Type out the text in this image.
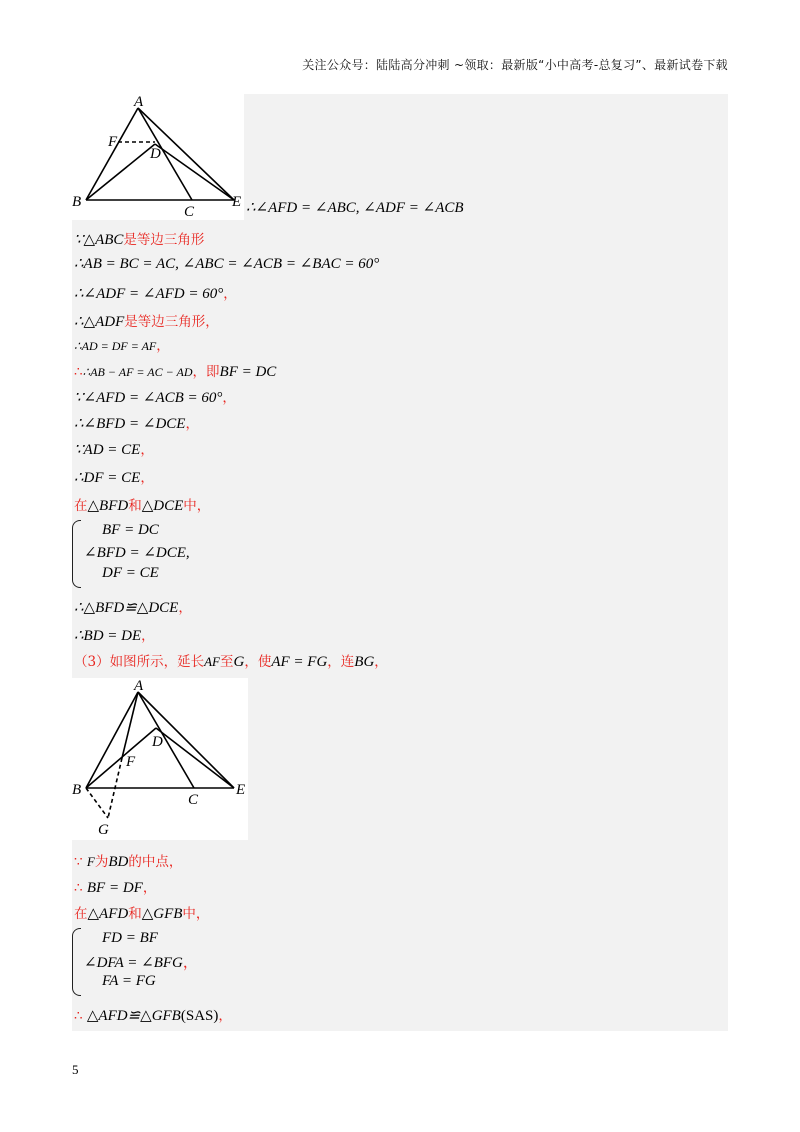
关注公众号：陆陆高分冲刺 ~领取：最新版“小中高考-总复习”、最新试卷下载
A
F
D
B
C
E ∴∠AFD = ∠ABC, ∠ADF = ∠ACB
∵△ABC是等边三角形
∴AB = BC = AC, ∠ABC = ∠ACB = ∠BAC = 60°
∴∠ADF = ∠AFD = 60°，
∴△ADF是等边三角形，
∴AD = DF = AF，
∴∴AB − AF = AC − AD，即BF = DC
∵∠AFD = ∠ACB = 60°，
∴∠BFD = ∠DCE，
∵AD = CE，
∴DF = CE，
在△BFD和△DCE中，
BF = DC
∠BFD = ∠DCE,
DF = CE
∴△BFD≌△DCE，
∴BD = DE，
（3）如图所示，延长AF至G，使AF = FG，连BG，
A
D
F
B
C
E
G
∵ F为BD的中点，
∴ BF = DF，
在△AFD和△GFB中，
FD = BF
∠DFA = ∠BFG，
FA = FG
∴ △AFD≌△GFB(SAS)，
5
